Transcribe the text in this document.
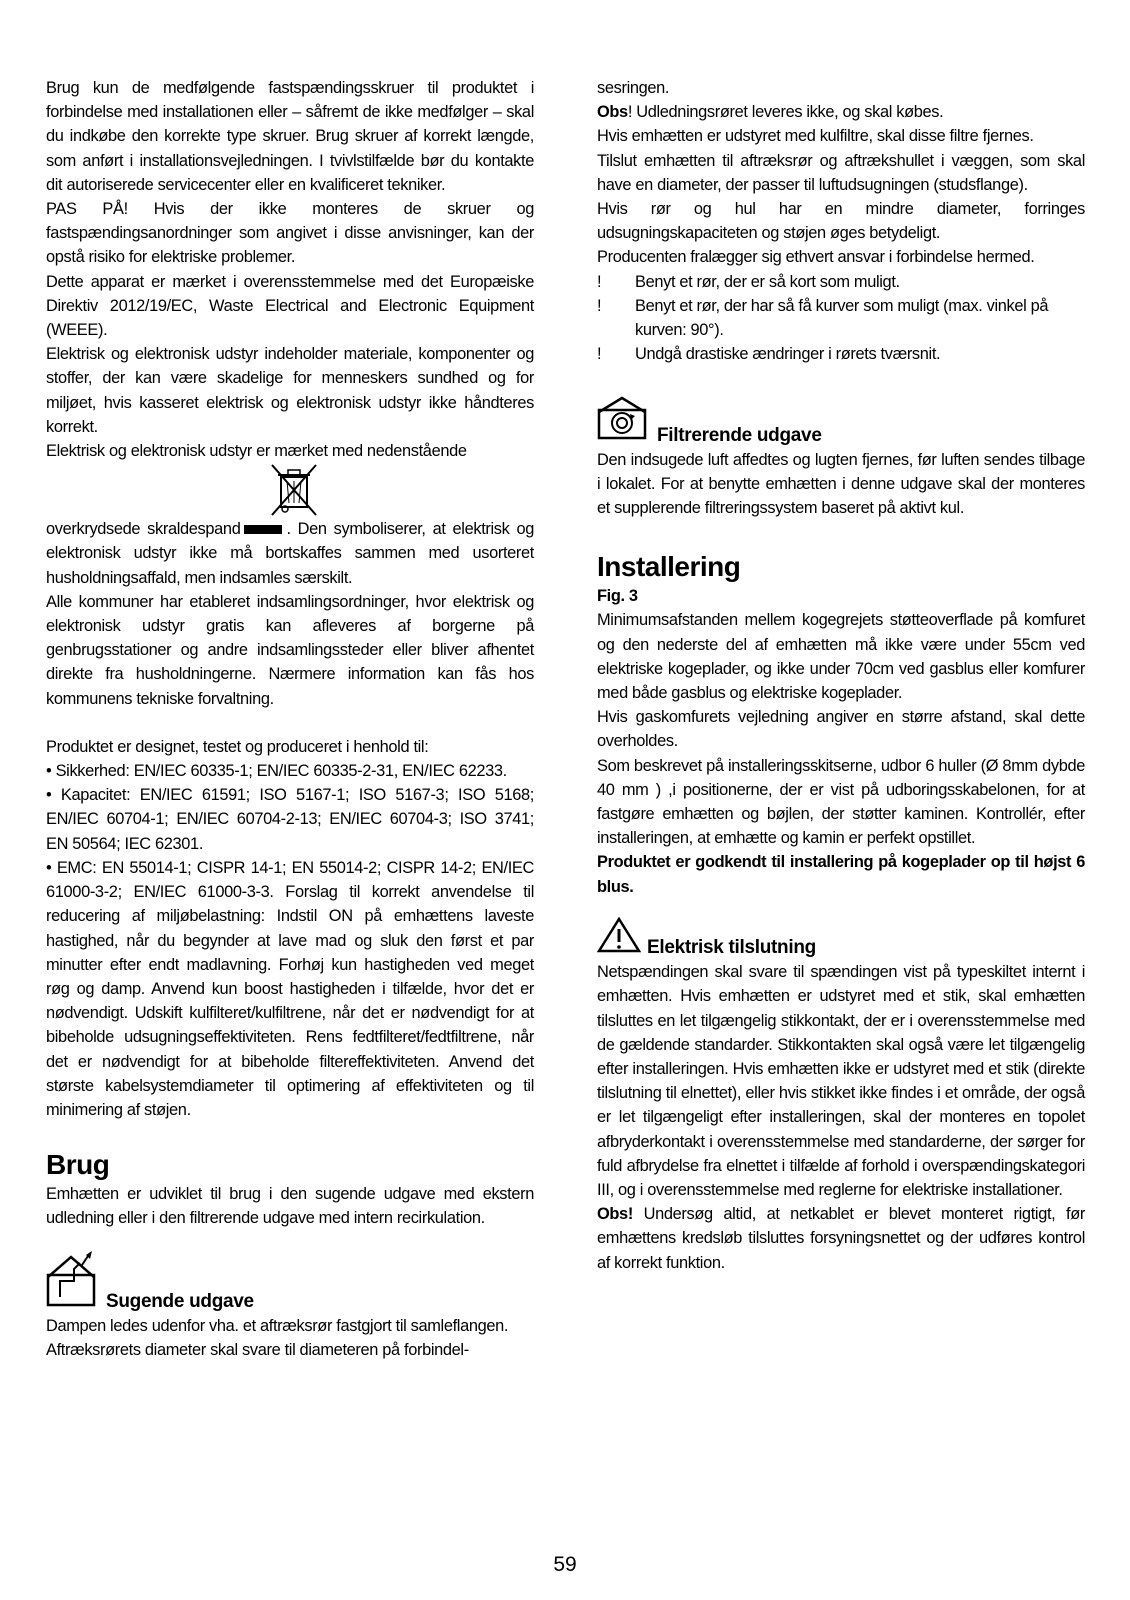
Brug kun de medfølgende fastspændingsskruer til produktet i forbindelse med installationen eller – såfremt de ikke medfølger – skal du indkøbe den korrekte type skruer. Brug skruer af korrekt længde, som anført i installationsvejledningen. I tvivlstilfælde bør du kontakte dit autoriserede servicecenter eller en kvalificeret tekniker.

PAS PÅ! Hvis der ikke monteres de skruer og fastspændingsanordninger som angivet i disse anvisninger, kan der opstå risiko for elektriske problemer.

Dette apparat er mærket i overensstemmelse med det Europæiske Direktiv 2012/19/EC, Waste Electrical and Electronic Equipment (WEEE).

Elektrisk og elektronisk udstyr indeholder materiale, komponenter og stoffer, der kan være skadelige for menneskers sundhed og for miljøet, hvis kasseret elektrisk og elektronisk udstyr ikke håndteres korrekt.

Elektrisk og elektronisk udstyr er mærket med nedenstående

overkrydsede skraldespand	. Den symboliserer, at elektrisk og elektronisk udstyr ikke må bortskaffes sammen med usorteret husholdningsaffald, men indsamles særskilt.

Alle kommuner har etableret indsamlingsordninger, hvor elektrisk og elektronisk udstyr gratis kan afleveres af borgerne på genbrugsstationer og andre indsamlingssteder eller bliver afhentet direkte fra husholdningerne. Nærmere information kan fås hos kommunens tekniske forvaltning.

Produktet er designet, testet og produceret i henhold til:

• Sikkerhed: EN/IEC 60335-1; EN/IEC 60335-2-31, EN/IEC 62233.

• Kapacitet: EN/IEC 61591; ISO 5167-1; ISO 5167-3; ISO 5168; EN/IEC 60704-1; EN/IEC 60704-2-13; EN/IEC 60704-3; ISO 3741; EN 50564; IEC 62301.

• EMC: EN 55014-1; CISPR 14-1; EN 55014-2; CISPR 14-2; EN/IEC 61000-3-2; EN/IEC 61000-3-3. Forslag til korrekt anvendelse til reducering af miljøbelastning: Indstil ON på emhættens laveste hastighed, når du begynder at lave mad og sluk den først et par minutter efter endt madlavning. Forhøj kun hastigheden ved meget røg og damp. Anvend kun boost hastigheden i tilfælde, hvor det er nødvendigt. Udskift kulfilteret/kulfiltrene, når det er nødvendigt for at bibeholde udsugningseffektiviteten. Rens fedtfilteret/fedtfiltrene, når det er nødvendigt for at bibeholde filtereffektiviteten. Anvend det største kabelsystemdiameter til optimering af effektiviteten og til minimering af støjen.

Brug

Emhætten er udviklet til brug i den sugende udgave med ekstern udledning eller i den filtrerende udgave med intern recirkulation.

Sugende udgave

Dampen ledes udenfor vha. et aftræksrør fastgjort til samleflangen.

Aftræksrørets diameter skal svare til diameteren på forbindel-

sesringen.

Obs! Udledningsrøret leveres ikke, og skal købes.

Hvis emhætten er udstyret med kulfiltre, skal disse filtre fjernes.

Tilslut emhætten til aftræksrør og aftrækshullet i væggen, som skal have en diameter, der passer til luftudsugningen (studsflange).

Hvis rør og hul har en mindre diameter, forringes udsugningskapaciteten og støjen øges betydeligt.

Producenten fralægger sig ethvert ansvar i forbindelse hermed.

!	Benyt et rør, der er så kort som muligt.
!	Benyt et rør, der har så få kurver som muligt (max. vinkel på kurven: 90°).
!	Undgå drastiske ændringer i rørets tværsnit.
Filtrerende udgave

Den indsugede luft affedtes og lugten fjernes, før luften sendes tilbage i lokalet. For at benytte emhætten i denne udgave skal der monteres et supplerende filtreringssystem baseret på aktivt kul.

Installering

Fig. 3

Minimumsafstanden mellem kogegrejets støtteoverflade på komfuret og den nederste del af emhætten må ikke være under 55cm ved elektriske kogeplader, og ikke under 70cm ved gasblus eller komfurer med både gasblus og elektriske kogeplader.

Hvis gaskomfurets vejledning angiver en større afstand, skal dette overholdes.

Som beskrevet på installeringsskitserne, udbor 6 huller (Ø 8mm dybde 40 mm ) ,i positionerne, der er vist på udboringsskabelonen, for at fastgøre emhætten og bøjlen, der støtter kaminen. Kontrollér, efter installeringen, at emhætte og kamin er perfekt opstillet.

Produktet er godkendt til installering på kogeplader op til højst 6 blus.

Elektrisk tilslutning

Netspændingen skal svare til spændingen vist på typeskiltet internt i emhætten. Hvis emhætten er udstyret med et stik, skal emhætten tilsluttes en let tilgængelig stikkontakt, der er i overensstemmelse med de gældende standarder. Stikkontakten skal også være let tilgængelig efter installeringen. Hvis emhætten ikke er udstyret med et stik (direkte tilslutning til elnettet), eller hvis stikket ikke findes i et område, der også er let tilgængeligt efter installeringen, skal der monteres en topolet afbryderkontakt i overensstemmelse med standarderne, der sørger for fuld afbrydelse fra elnettet i tilfælde af forhold i overspændingskategori III, og i overensstemmelse med reglerne for elektriske installationer.

Obs! Undersøg altid, at netkablet er blevet monteret rigtigt, før emhættens kredsløb tilsluttes forsyningsnettet og der udføres kontrol af korrekt funktion.

59
